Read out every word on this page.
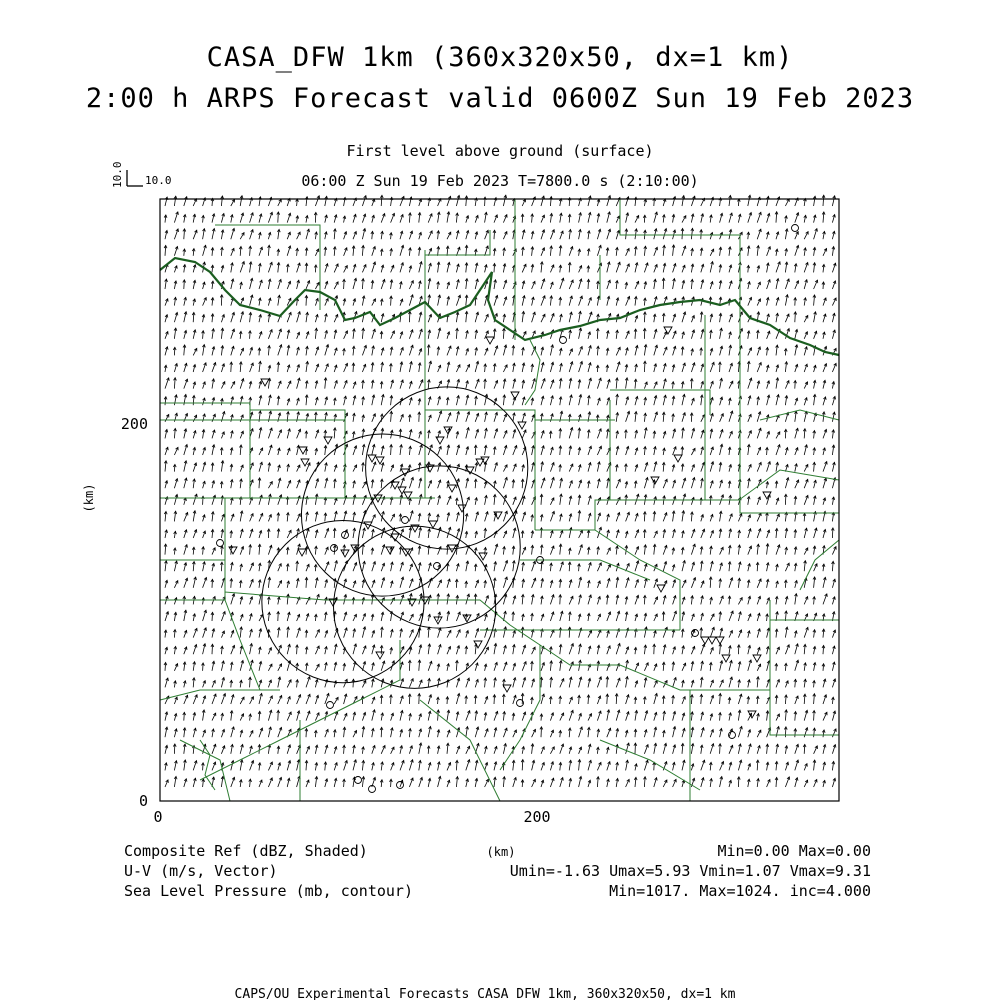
CASA_DFW 1km (360x320x50, dx=1 km)
2:00 h ARPS Forecast valid 0600Z Sun 19 Feb 2023
First level above ground (surface)
06:00 Z Sun 19 Feb 2023 T=7800.0 s (2:10:00)
10.0 10.0
0	200
(km)
0
200
(km)
Composite Ref (dBZ, Shaded)	Min=0.00 Max=0.00
U-V (m/s, Vector)	Umin=-1.63 Umax=5.93 Vmin=1.07 Vmax=9.31
Sea Level Pressure (mb, contour)	Min=1017. Max=1024. inc=4.000
CAPS/OU Experimental Forecasts CASA DFW 1km, 360x320x50, dx=1 km
